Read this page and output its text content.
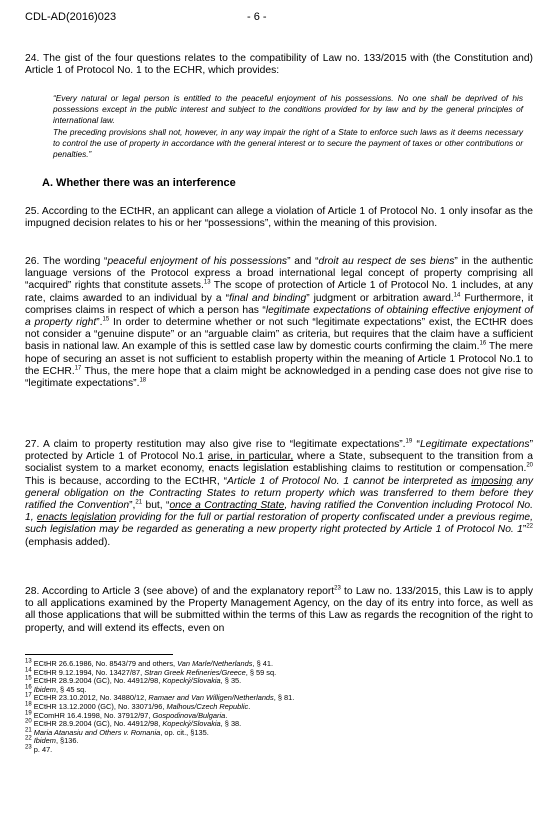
CDL-AD(2016)023	- 6 -
24. The gist of the four questions relates to the compatibility of Law no. 133/2015 with (the Constitution and) Article 1 of Protocol No. 1 to the ECHR, which provides:
“Every natural or legal person is entitled to the peaceful enjoyment of his possessions. No one shall be deprived of his possessions except in the public interest and subject to the conditions provided for by law and by the general principles of international law.
The preceding provisions shall not, however, in any way impair the right of a State to enforce such laws as it deems necessary to control the use of property in accordance with the general interest or to secure the payment of taxes or other contributions or penalties.”
A. Whether there was an interference
25. According to the ECtHR, an applicant can allege a violation of Article 1 of Protocol No. 1 only insofar as the impugned decision relates to his or her “possessions”, within the meaning of this provision.
26. The wording “peaceful enjoyment of his possessions” and “droit au respect de ses biens” in the authentic language versions of the Protocol express a broad international legal concept of property comprising all “acquired” rights that constitute assets.$^{13}$ The scope of protection of Article 1 of Protocol No. 1 includes, at any rate, claims awarded to an individual by a “final and binding” judgment or arbitration award.$^{14}$ Furthermore, it comprises claims in respect of which a person has “legitimate expectations of obtaining effective enjoyment of a property right”.$^{15}$ In order to determine whether or not such “legitimate expectations” exist, the ECtHR does not consider a “genuine dispute” or an “arguable claim” as criteria, but requires that the claim have a sufficient basis in national law. An example of this is settled case law by domestic courts confirming the claim.$^{16}$ The mere hope of securing an asset is not sufficient to establish property within the meaning of Article 1 Protocol No.1 to the ECHR.$^{17}$ Thus, the mere hope that a claim might be acknowledged in a pending case does not give rise to “legitimate expectations”.$^{18}$
27. A claim to property restitution may also give rise to “legitimate expectations”.$^{19}$ “Legitimate expectations” protected by Article 1 of Protocol No.1 arise, in particular, where a State, subsequent to the transition from a socialist system to a market economy, enacts legislation establishing claims to restitution or compensation.$^{20}$ This is because, according to the ECtHR, “Article 1 of Protocol No. 1 cannot be interpreted as imposing any general obligation on the Contracting States to return property which was transferred to them before they ratified the Convention”,$^{21}$ but, “once a Contracting State, having ratified the Convention including Protocol No. 1, enacts legislation providing for the full or partial restoration of property confiscated under a previous regime, such legislation may be regarded as generating a new property right protected by Article 1 of Protocol No. 1”$^{22}$ (emphasis added).
28. According to Article 3 (see above) of and the explanatory report$^{23}$ to Law no. 133/2015, this Law is to apply to all applications examined by the Property Management Agency, on the day of its entry into force, as well as all those applications that will be submitted within the terms of this Law as regards the recognition of the right to property, and will extend its effects, even on
$^{13}$ ECtHR 26.6.1986, No. 8543/79 and others, Van Marle/Netherlands, § 41.
$^{14}$ ECtHR 9.12.1994, No. 13427/87, Stran Greek Refineries/Greece, § 59 sq.
$^{15}$ ECtHR 28.9.2004 (GC), No. 44912/98, Kopecký/Slovakia, § 35.
$^{16}$ Ibidem, § 45 sq.
$^{17}$ ECtHR 23.10.2012, No. 34880/12, Ramaer and Van Willigen/Netherlands, § 81.
$^{18}$ ECtHR 13.12.2000 (GC), No. 33071/96, Malhous/Czech Republic.
$^{19}$ EComHR 16.4.1998, No. 37912/97, Gospodinova/Bulgaria.
$^{20}$ ECtHR 28.9.2004 (GC), No. 44912/98, Kopecký/Slovakia, § 38.
$^{21}$ Maria Atanasiu and Others v. Romania, op. cit., §135.
$^{22}$ Ibidem, §136.
$^{23}$ p. 47.
